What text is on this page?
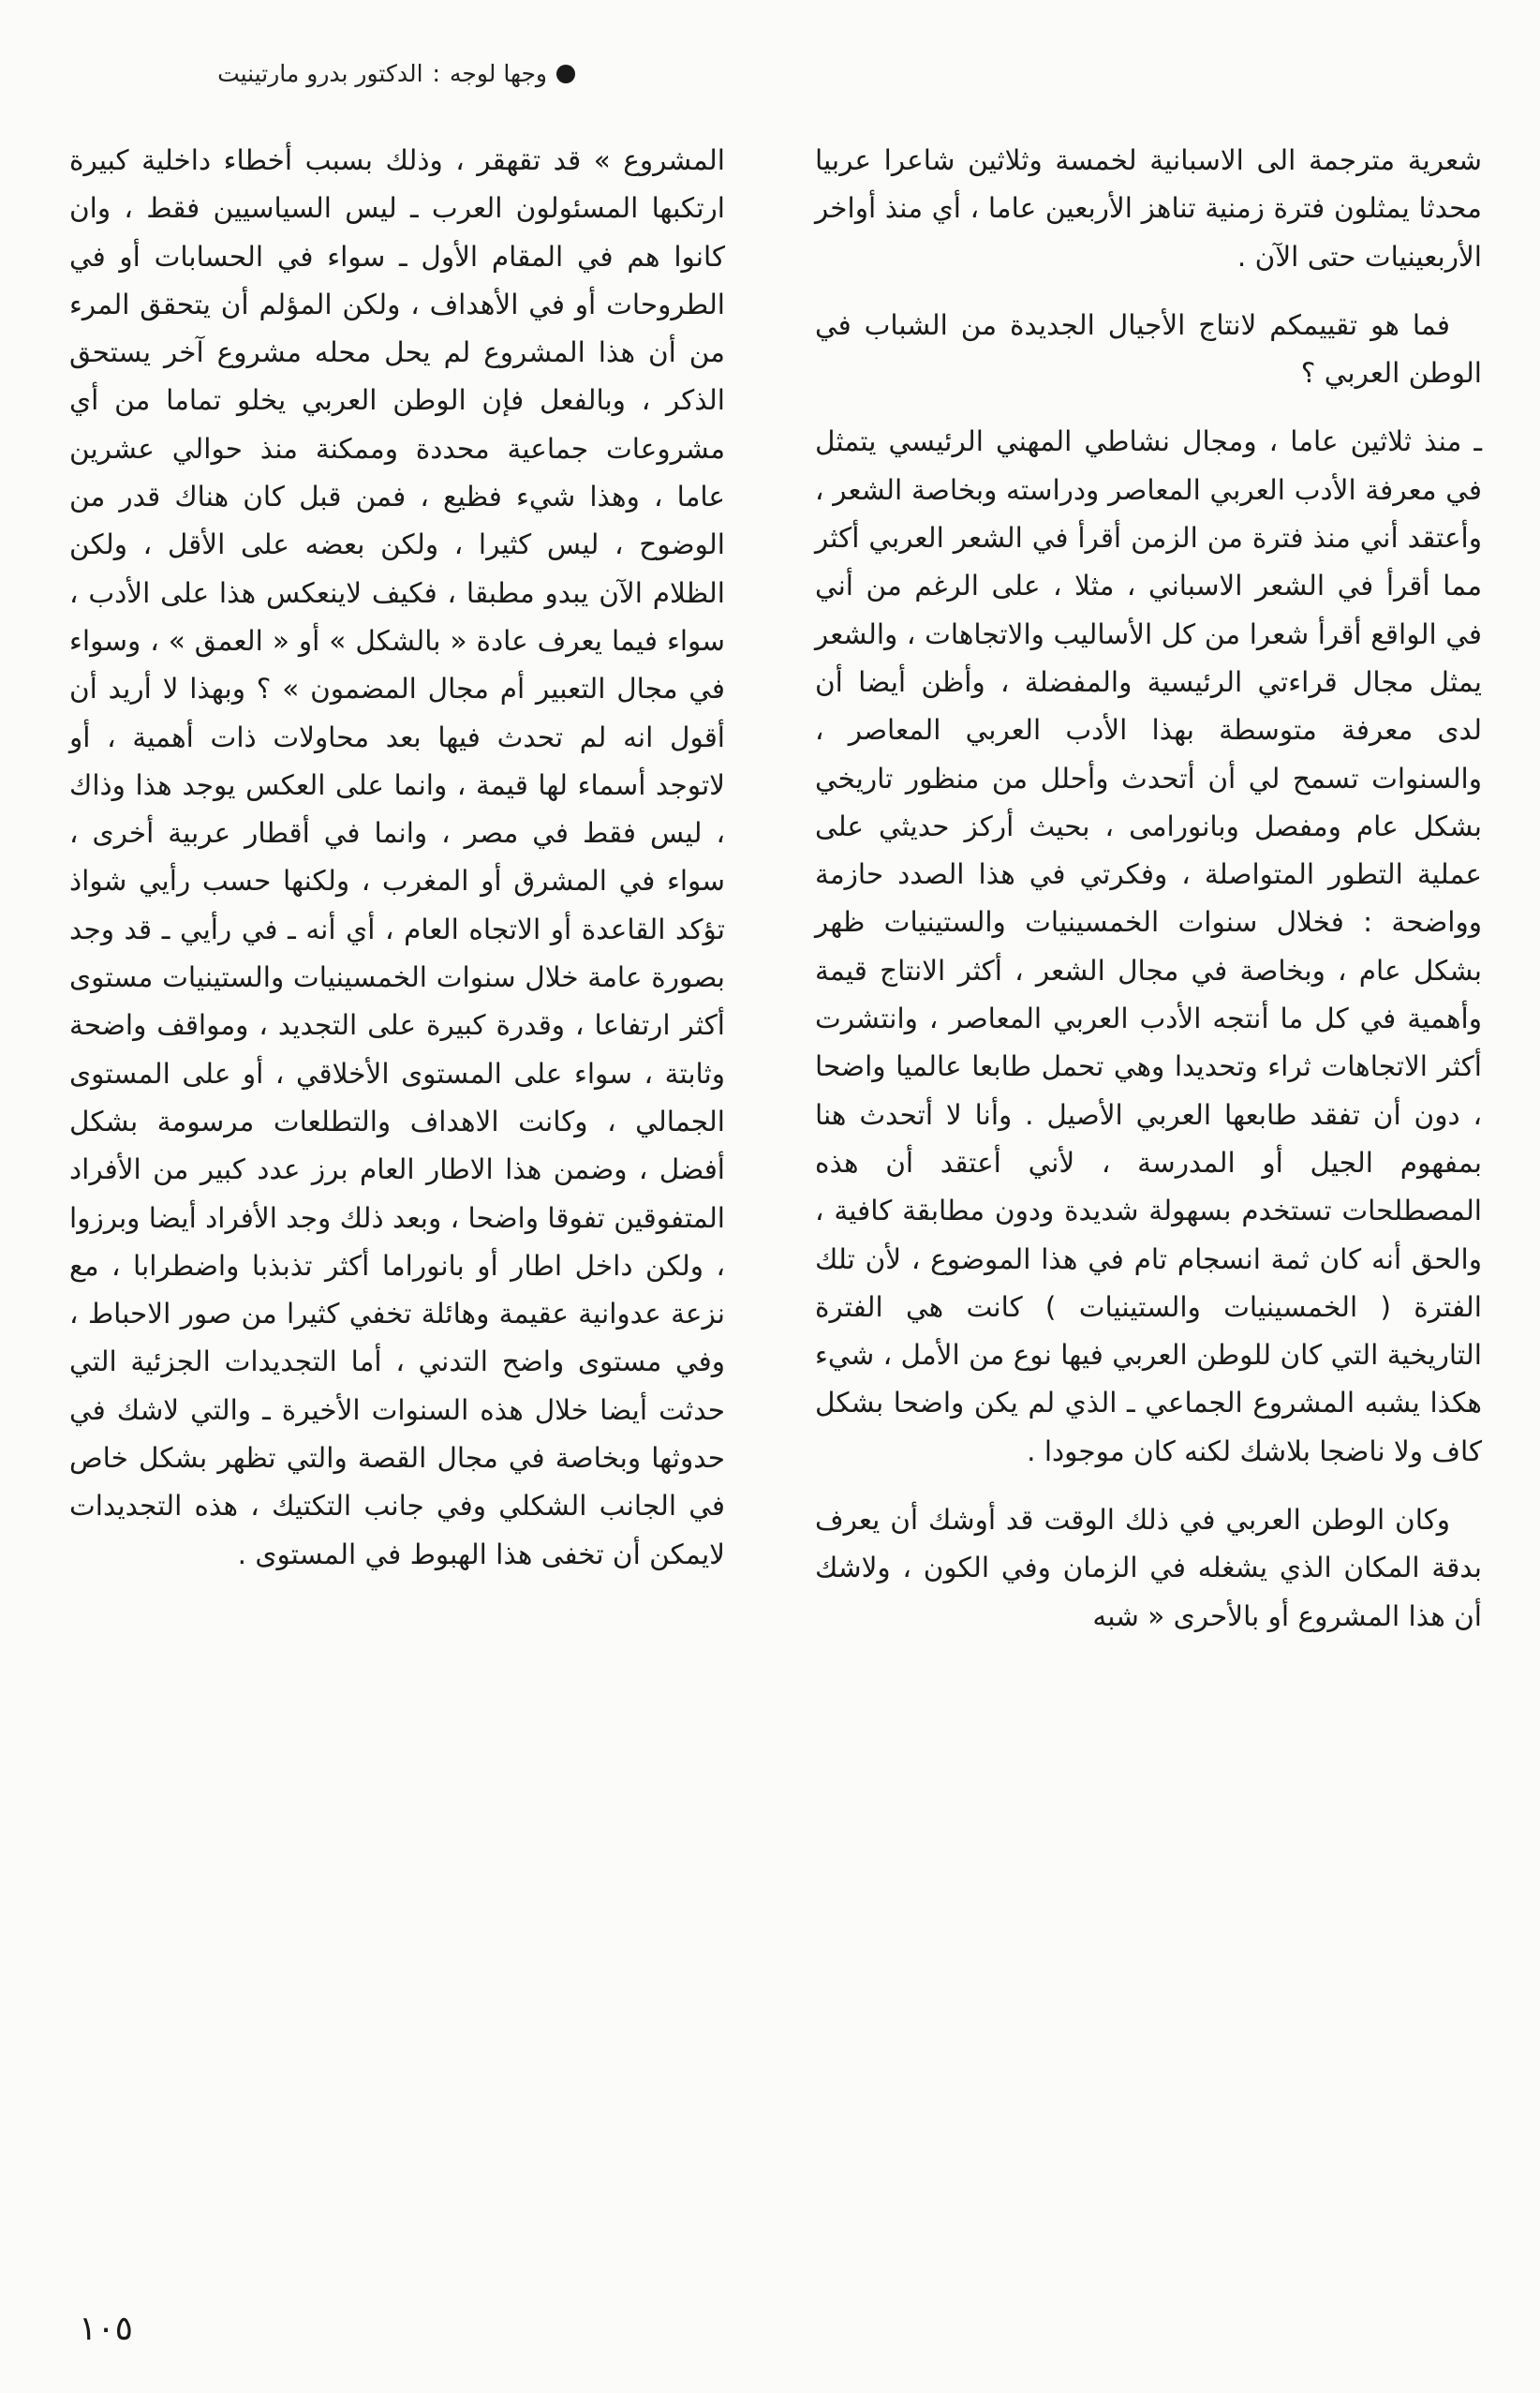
وجها لوجه
:
الدكتور بدرو مارتينيت

شعرية مترجمة الى الاسبانية لخمسة وثلاثين شاعرا عربيا محدثا يمثلون فترة زمنية تناهز الأربعين عاما ، أي منذ أواخر الأربعينيات حتى الآن .

فما هو تقييمكم لانتاج الأجيال الجديدة من الشباب في الوطن العربي ؟

ـ منذ ثلاثين عاما ، ومجال نشاطي المهني الرئيسي يتمثل في معرفة الأدب العربي المعاصر ودراسته وبخاصة الشعر ، وأعتقد أني منذ فترة من الزمن أقرأ في الشعر العربي أكثر مما أقرأ في الشعر الاسباني ، مثلا ، على الرغم من أني في الواقع أقرأ شعرا من كل الأساليب والاتجاهات ، والشعر يمثل مجال قراءتي الرئيسية والمفضلة ، وأظن أيضا أن لدى معرفة متوسطة بهذا الأدب العربي المعاصر ، والسنوات تسمح لي أن أتحدث وأحلل من منظور تاريخي بشكل عام ومفصل وبانورامى ، بحيث أركز حديثي على عملية التطور المتواصلة ، وفكرتي في هذا الصدد حازمة وواضحة : فخلال سنوات الخمسينيات والستينيات ظهر بشكل عام ، وبخاصة في مجال الشعر ، أكثر الانتاج قيمة وأهمية في كل ما أنتجه الأدب العربي المعاصر ، وانتشرت أكثر الاتجاهات ثراء وتحديدا وهي تحمل طابعا عالميا واضحا ، دون أن تفقد طابعها العربي الأصيل . وأنا لا أتحدث هنا بمفهوم الجيل أو المدرسة ، لأني أعتقد أن هذه المصطلحات تستخدم بسهولة شديدة ودون مطابقة كافية ، والحق أنه كان ثمة انسجام تام في هذا الموضوع ، لأن تلك الفترة ( الخمسينيات والستينيات ) كانت هي الفترة التاريخية التي كان للوطن العربي فيها نوع من الأمل ، شيء هكذا يشبه المشروع الجماعي ـ الذي لم يكن واضحا بشكل كاف ولا ناضجا بلاشك لكنه كان موجودا .

وكان الوطن العربي في ذلك الوقت قد أوشك أن يعرف بدقة المكان الذي يشغله في الزمان وفي الكون ، ولاشك أن هذا المشروع أو بالأحرى « شبه

المشروع » قد تقهقر ، وذلك بسبب أخطاء داخلية كبيرة ارتكبها المسئولون العرب ـ ليس السياسيين فقط ، وان كانوا هم في المقام الأول ـ سواء في الحسابات أو في الطروحات أو في الأهداف ، ولكن المؤلم أن يتحقق المرء من أن هذا المشروع لم يحل محله مشروع آخر يستحق الذكر ، وبالفعل فإن الوطن العربي يخلو تماما من أي مشروعات جماعية محددة وممكنة منذ حوالي عشرين عاما ، وهذا شيء فظيع ، فمن قبل كان هناك قدر من الوضوح ، ليس كثيرا ، ولكن بعضه على الأقل ، ولكن الظلام الآن يبدو مطبقا ، فكيف لاينعكس هذا على الأدب ، سواء فيما يعرف عادة « بالشكل » أو « العمق » ، وسواء في مجال التعبير أم مجال المضمون » ؟ وبهذا لا أريد أن أقول انه لم تحدث فيها بعد محاولات ذات أهمية ، أو لاتوجد أسماء لها قيمة ، وانما على العكس يوجد هذا وذاك ، ليس فقط في مصر ، وانما في أقطار عربية أخرى ، سواء في المشرق أو المغرب ، ولكنها حسب رأيي شواذ تؤكد القاعدة أو الاتجاه العام ، أي أنه ـ في رأيي ـ قد وجد بصورة عامة خلال سنوات الخمسينيات والستينيات مستوى أكثر ارتفاعا ، وقدرة كبيرة على التجديد ، ومواقف واضحة وثابتة ، سواء على المستوى الأخلاقي ، أو على المستوى الجمالي ، وكانت الاهداف والتطلعات مرسومة بشكل أفضل ، وضمن هذا الاطار العام برز عدد كبير من الأفراد المتفوقين تفوقا واضحا ، وبعد ذلك وجد الأفراد أيضا وبرزوا ، ولكن داخل اطار أو بانوراما أكثر تذبذبا واضطرابا ، مع نزعة عدوانية عقيمة وهائلة تخفي كثيرا من صور الاحباط ، وفي مستوى واضح التدني ، أما التجديدات الجزئية التي حدثت أيضا خلال هذه السنوات الأخيرة ـ والتي لاشك في حدوثها وبخاصة في مجال القصة والتي تظهر بشكل خاص في الجانب الشكلي وفي جانب التكتيك ، هذه التجديدات لايمكن أن تخفى هذا الهبوط في المستوى .

١٠٥
